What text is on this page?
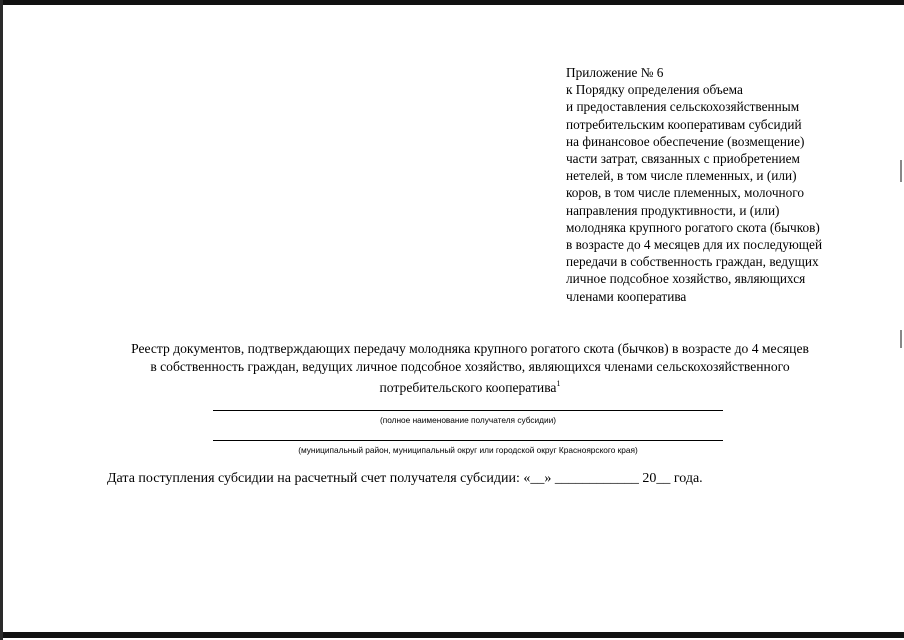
Приложение № 6
к Порядку определения объема
и предоставления сельскохозяйственным
потребительским кооперативам субсидий
на финансовое обеспечение (возмещение)
части затрат, связанных с приобретением
нетелей, в том числе племенных, и (или)
коров, в том числе племенных, молочного
направления продуктивности, и (или)
молодняка крупного рогатого скота (бычков)
в возрасте до 4 месяцев для их последующей
передачи в собственность граждан, ведущих
личное подсобное хозяйство, являющихся
членами кооператива
Реестр документов, подтверждающих передачу молодняка крупного рогатого скота (бычков) в возрасте до 4 месяцев
в собственность граждан, ведущих личное подсобное хозяйство, являющихся членами сельскохозяйственного
потребительского кооператива$^1$
(полное наименование получателя субсидии)
(муниципальный район, муниципальный округ или городской округ Красноярского края)
Дата поступления субсидии на расчетный счет получателя субсидии: «__» ____________ 20__ года.
